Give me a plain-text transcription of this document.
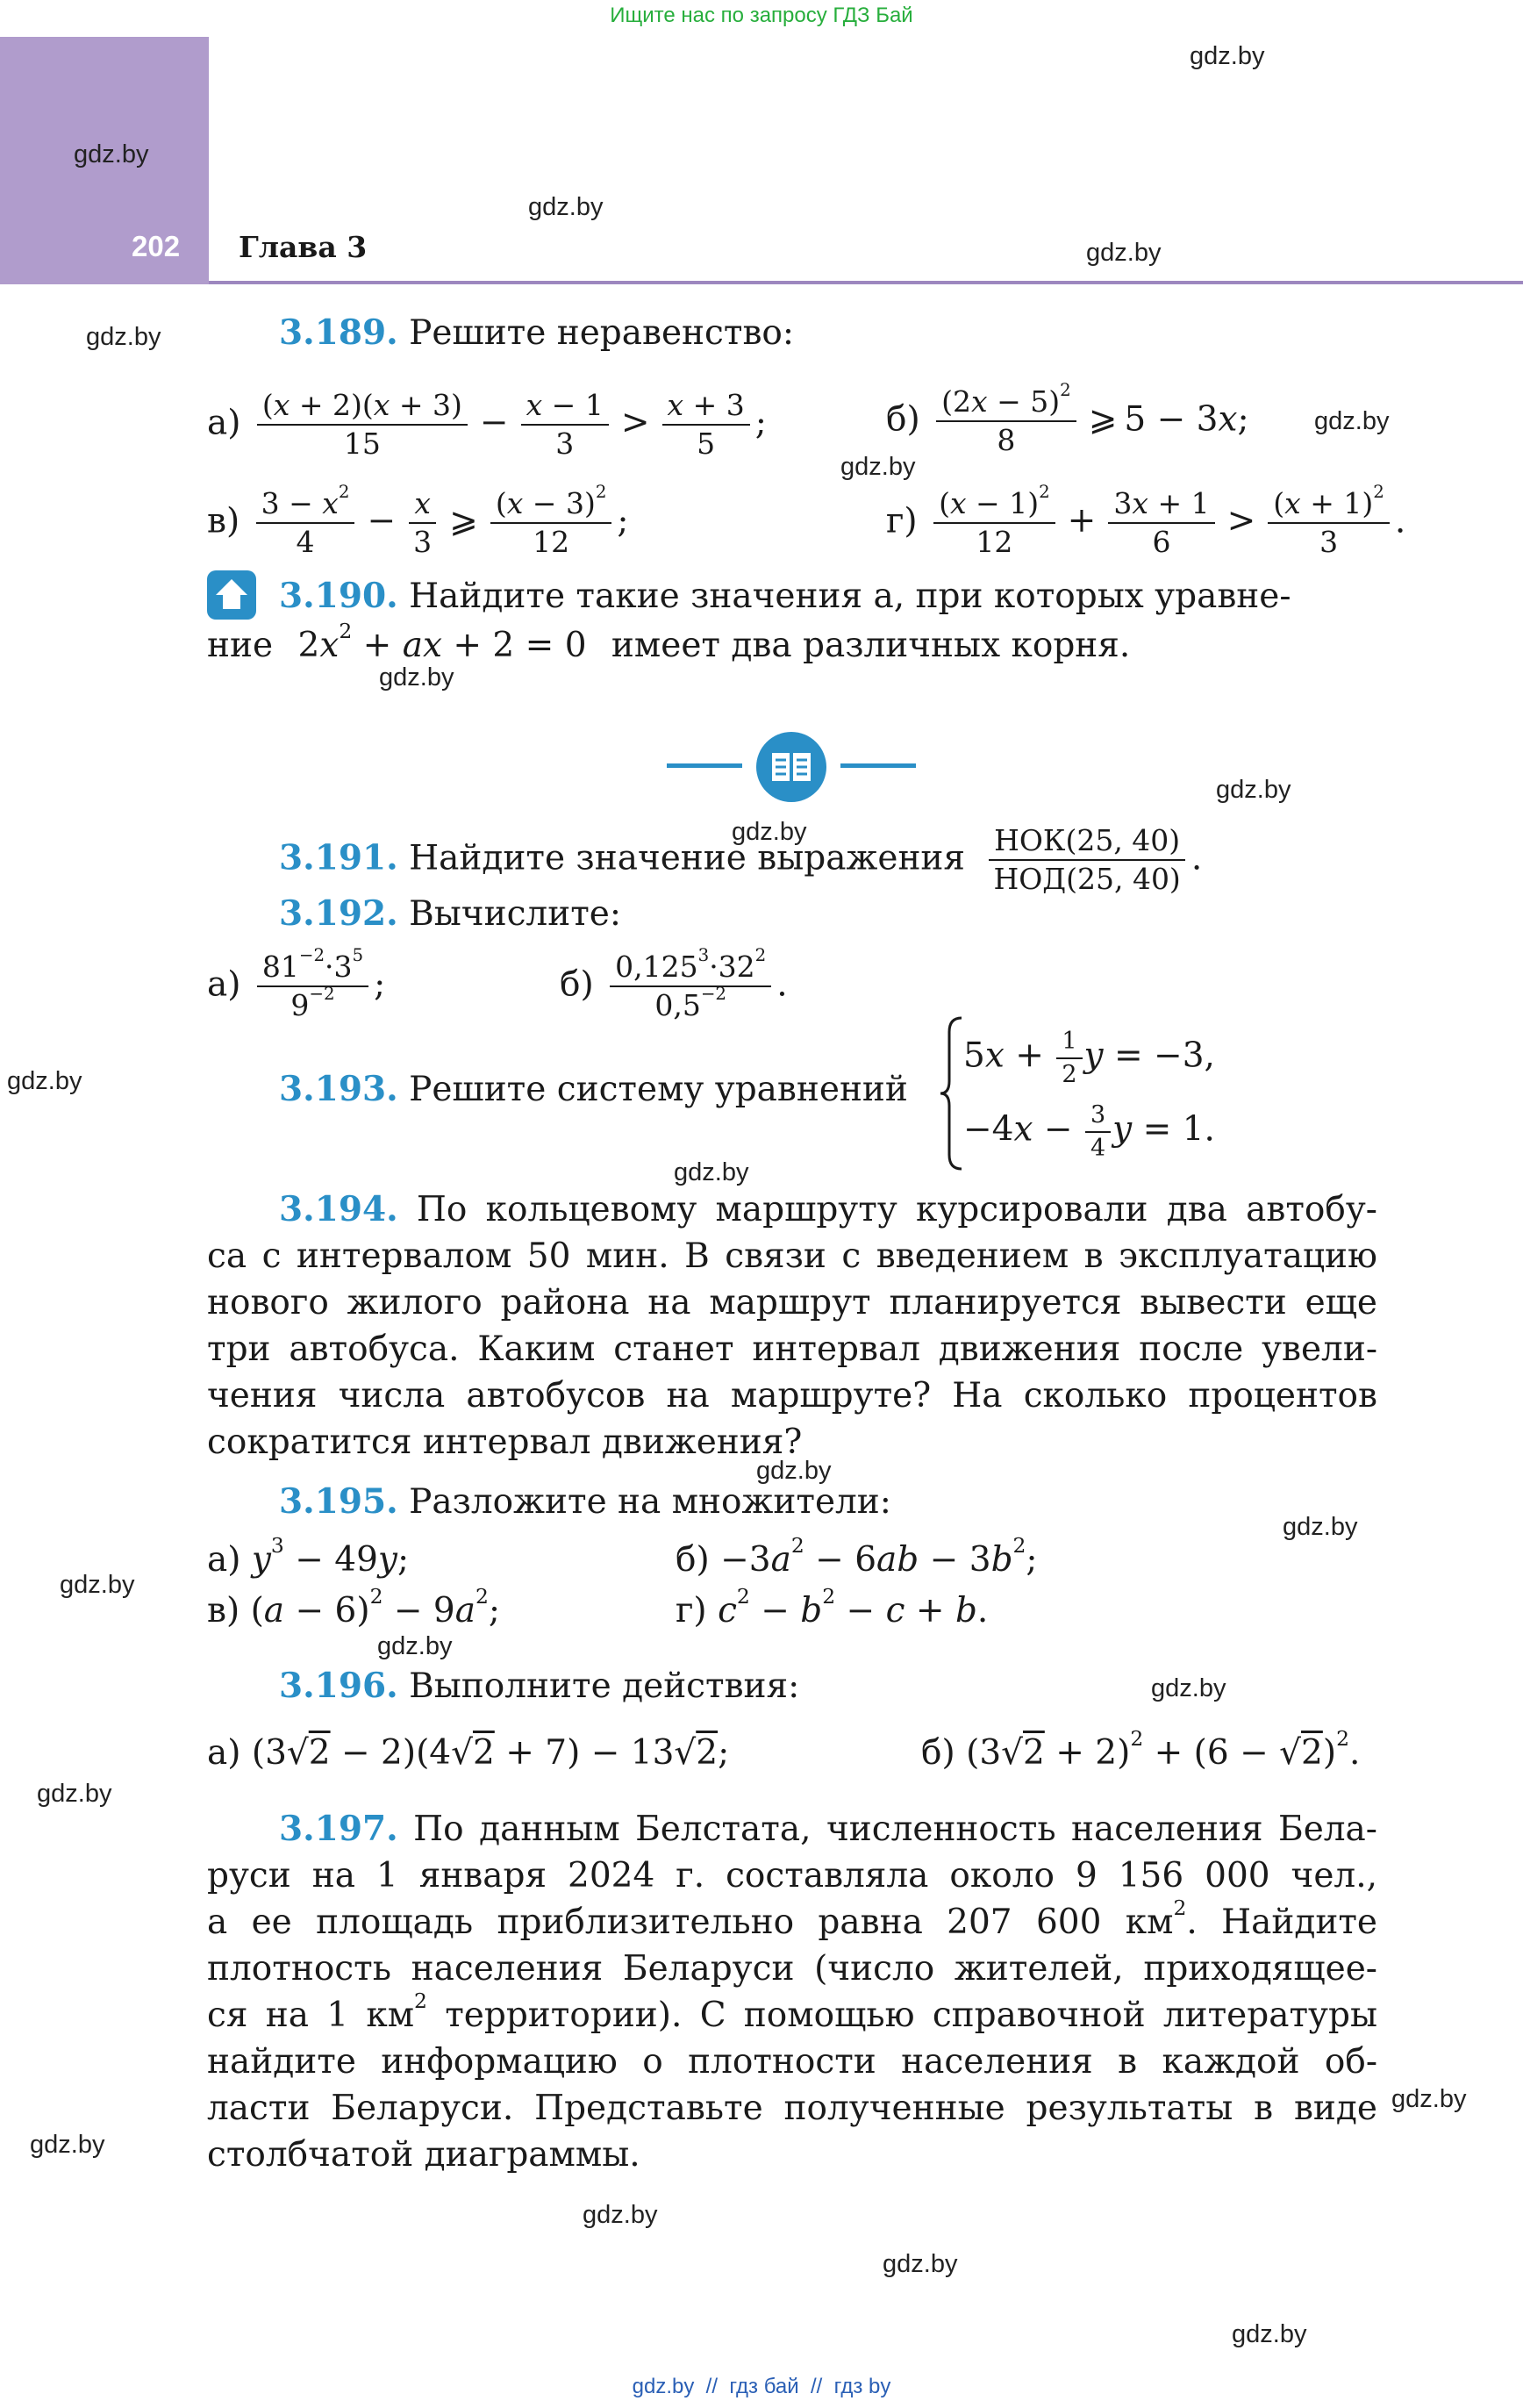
Ищите нас по запросу ГДЗ Бай
202 Глава 3
gdz.by
gdz.by
gdz.by
gdz.by
gdz.by
gdz.by
gdz.by
gdz.by
gdz.by
gdz.by
gdz.by
gdz.by
gdz.by
gdz.by
gdz.by
gdz.by
gdz.by
gdz.by
gdz.by
gdz.by
gdz.by
gdz.by
gdz.by
3.189. Решите неравенство:
$а) \frac{(x + 2)(x + 3)}{15} - \frac{x - 1}{3} > \frac{x + 3}{5}$ ;	$б) \frac{(2x - 5)^2}{8}$ ⩾ 5 − 3x;
$в) \frac{3 - x^2}{4} - \frac{x}{3}$ ⩾ $\frac{(x - 3)^2}{12}$ ;	$г) \frac{(x - 1)^2}{12} + \frac{3x + 1}{6} > \frac{(x + 1)^2}{3}$ .
3.190. Найдите такие значения a, при которых уравне-
ние $2x^2$ + ax + 2 = 0 имеет два различных корня.
3.191. Найдите значение выражения $\frac{\text{НОК(25, 40)}}{\text{НОД(25, 40)}}$ .
3.192. Вычислите:
$а) \frac{81^{-2}\cdot 3^5}{9^{-2}}$ ;	$б) \frac{0,125^3\cdot 32^2}{0,5^{-2}}$ .
3.193. Решите систему уравнений
$5x + \frac{1}{2}$ y = −3,
$-4x - \frac{3}{4}$ y = 1.
3.194. По кольцевому маршруту курсировали два автобу-
са с интервалом 50 мин. В связи с введением в эксплуатацию
нового жилого района на маршрут планируется вывести еще
три автобуса. Каким станет интервал движения после увели-
чения числа автобусов на маршруте? На сколько процентов
сократится интервал движения?
3.195. Разложите на множители:
а) $y^3 - 49y$;	$б) -3a^2 - 6ab - 3b^2$;
в) $(a - 6)^2 - 9a^2$;	г) $c^2 - b^2 - c + b$.
3.196. Выполните действия:
а) (3√2 − 2)(4√2 + 7) − 13√2;	б) $(3√2 + 2)^2 + (6 - √2)^2$.
3.197. По данным Белстата, численность населения Бела-
руси на 1 января 2024 г. составляла около 9 156 000 чел.,
а ее площадь приблизительно равна 207 600 $км^2$. Найдите
плотность населения Беларуси (число жителей, приходящее-
ся на 1 $км^2$ территории). С помощью справочной литературы
найдите информацию о плотности населения в каждой об-
ласти Беларуси. Представьте полученные результаты в виде
столбчатой диаграммы.
gdz.by  //  гдз бай  //  гдз by
